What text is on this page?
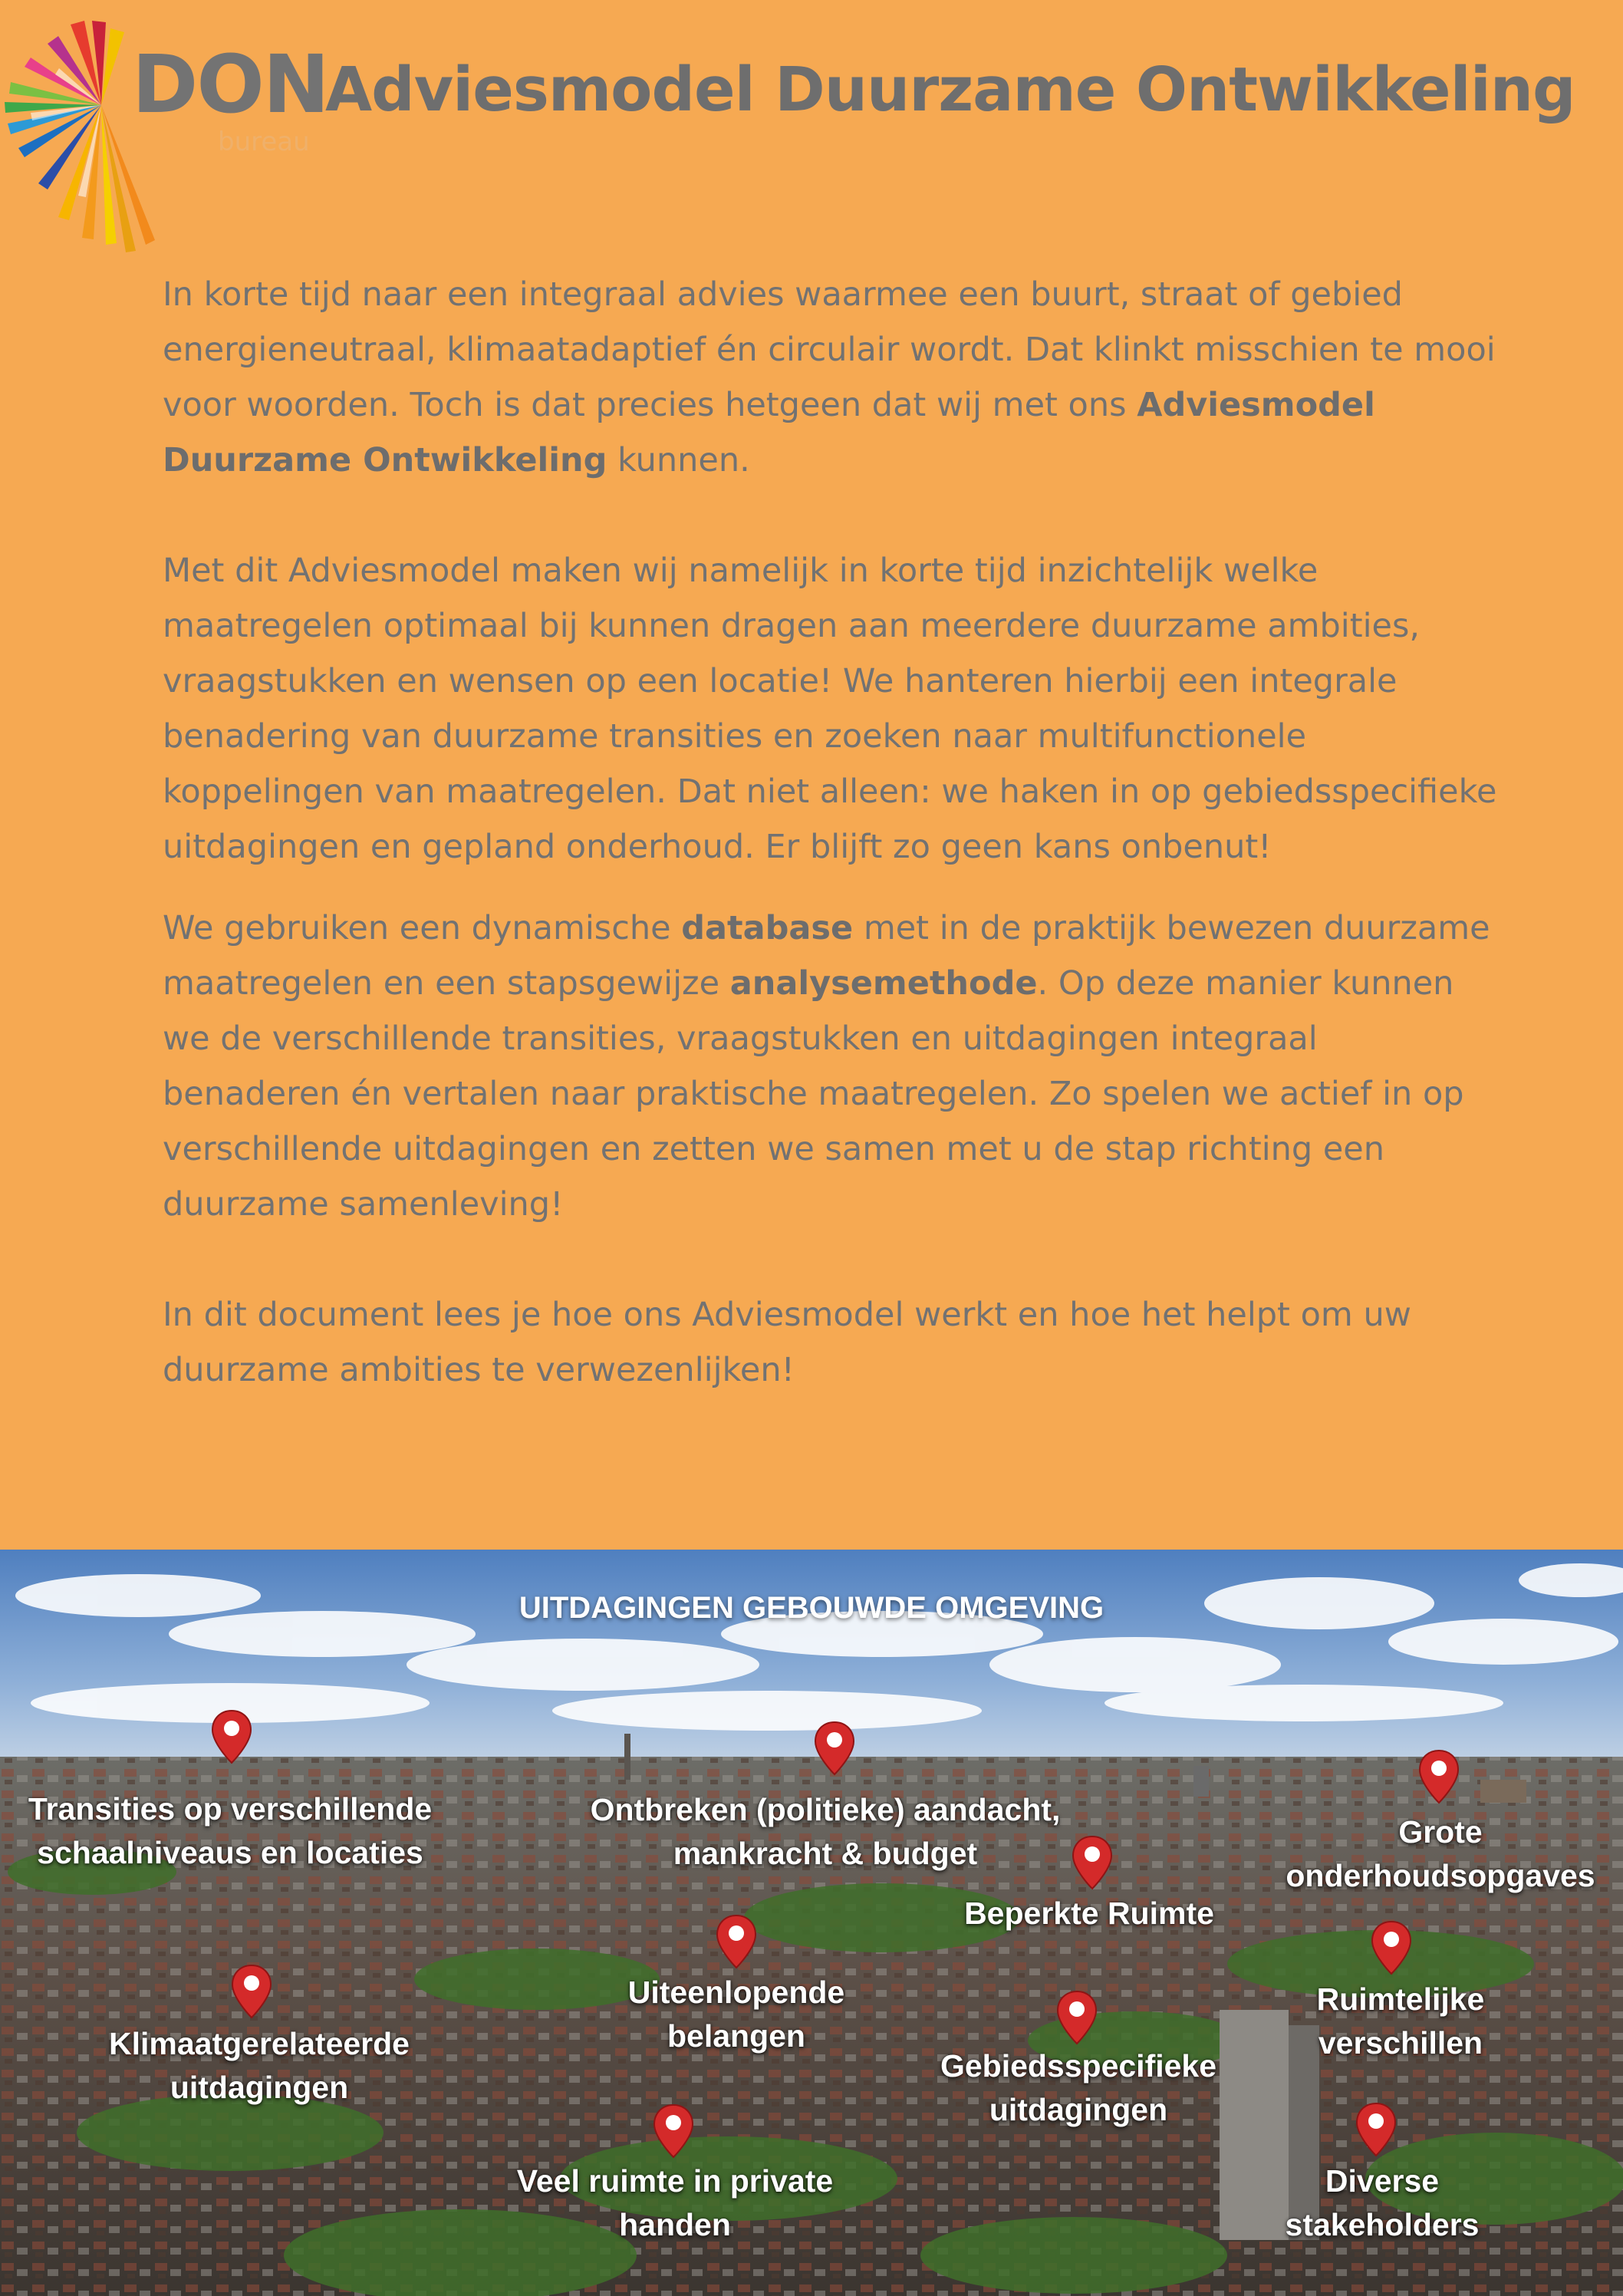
DON
bureau
Adviesmodel Duurzame Ontwikkeling

In korte tijd naar een integraal advies waarmee een buurt, straat of gebied energieneutraal, klimaatadaptief én circulair wordt. Dat klinkt misschien te mooi voor woorden. Toch is dat precies hetgeen dat wij met ons Adviesmodel Duurzame Ontwikkeling kunnen.

Met dit Adviesmodel maken wij namelijk in korte tijd inzichtelijk welke maatregelen optimaal bij kunnen dragen aan meerdere duurzame ambities, vraagstukken en wensen op een locatie! We hanteren hierbij een integrale benadering van duurzame transities en zoeken naar multifunctionele koppelingen van maatregelen. Dat niet alleen: we haken in op gebiedsspecifieke uitdagingen en gepland onderhoud. Er blijft zo geen kans onbenut!

We gebruiken een dynamische database met in de praktijk bewezen duurzame maatregelen en een stapsgewijze analysemethode. Op deze manier kunnen we de verschillende transities, vraagstukken en uitdagingen integraal benaderen én vertalen naar praktische maatregelen. Zo spelen we actief in op verschillende uitdagingen en zetten we samen met u de stap richting een duurzame samenleving!

In dit document lees je hoe ons Adviesmodel werkt en hoe het helpt om uw duurzame ambities te verwezenlijken!

UITDAGINGEN GEBOUWDE OMGEVING
Transities op verschillende
schaalniveaus en locaties
Ontbreken (politieke) aandacht,
mankracht & budget
Grote
onderhoudsopgaves
Beperkte Ruimte
Uiteenlopende
belangen
Ruimtelijke
verschillen
Klimaatgerelateerde
uitdagingen
Gebiedsspecifieke
uitdagingen
Veel ruimte in private
handen
Diverse
stakeholders
